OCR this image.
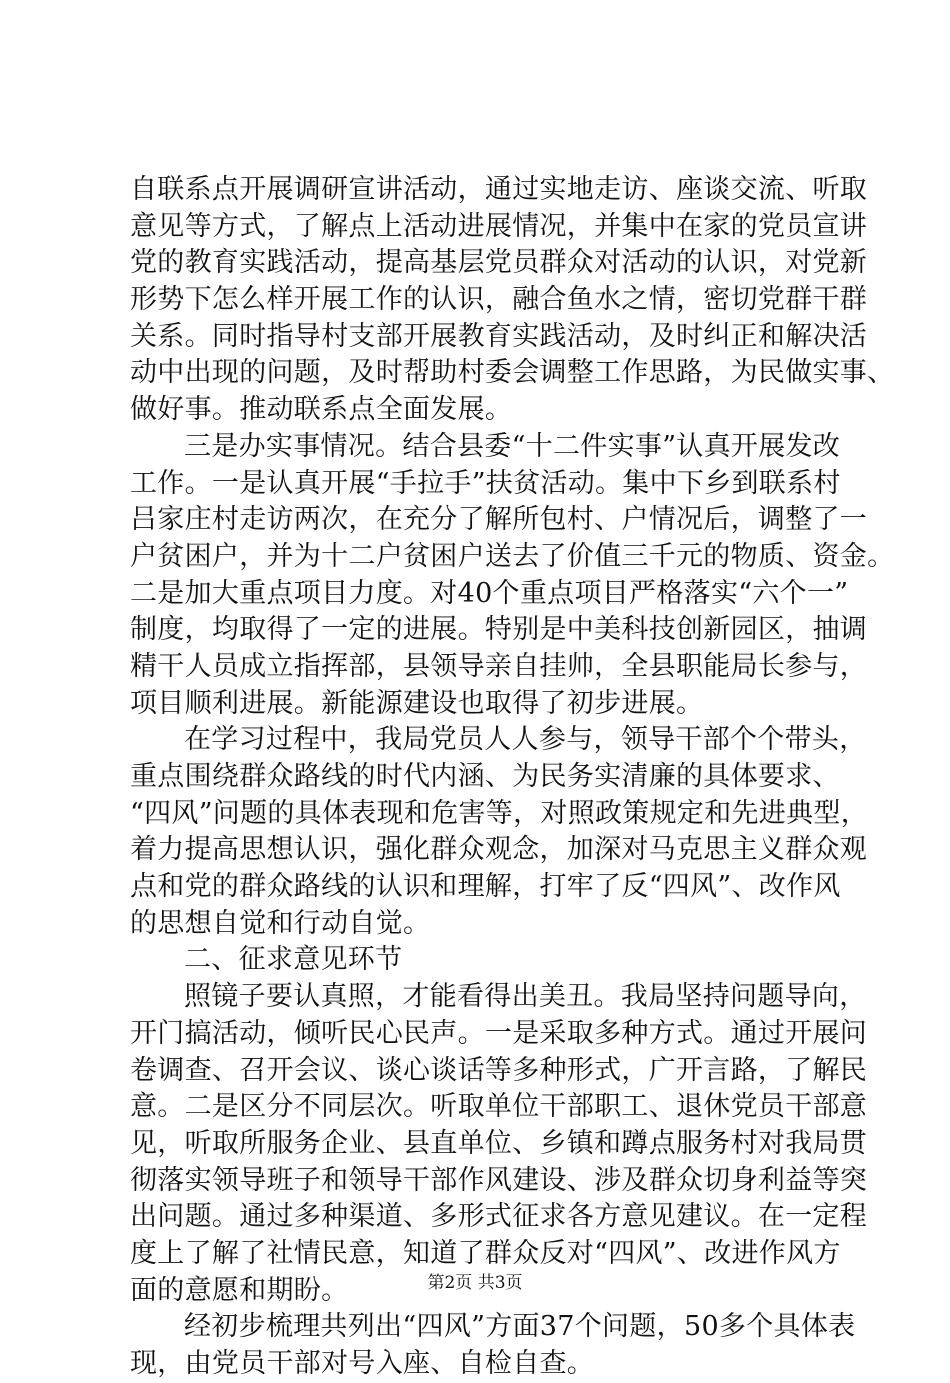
自联系点开展调研宣讲活动，通过实地走访、座谈交流、听取
意见等方式，了解点上活动进展情况，并集中在家的党员宣讲
党的教育实践活动，提高基层党员群众对活动的认识，对党新
形势下怎么样开展工作的认识，融合鱼水之情，密切党群干群
关系。同时指导村支部开展教育实践活动，及时纠正和解决活
动中出现的问题，及时帮助村委会调整工作思路，为民做实事、
做好事。推动联系点全面发展。
三是办实事情况。结合县委“十二件实事”认真开展发改
工作。一是认真开展“手拉手”扶贫活动。集中下乡到联系村
吕家庄村走访两次，在充分了解所包村、户情况后，调整了一
户贫困户，并为十二户贫困户送去了价值三千元的物质、资金。
二是加大重点项目力度。对40个重点项目严格落实“六个一”
制度，均取得了一定的进展。特别是中美科技创新园区，抽调
精干人员成立指挥部，县领导亲自挂帅，全县职能局长参与，
项目顺利进展。新能源建设也取得了初步进展。
在学习过程中，我局党员人人参与，领导干部个个带头，
重点围绕群众路线的时代内涵、为民务实清廉的具体要求、
“四风”问题的具体表现和危害等，对照政策规定和先进典型，
着力提高思想认识，强化群众观念，加深对马克思主义群众观
点和党的群众路线的认识和理解，打牢了反“四风”、改作风
的思想自觉和行动自觉。
二、征求意见环节
照镜子要认真照，才能看得出美丑。我局坚持问题导向，
开门搞活动，倾听民心民声。一是采取多种方式。通过开展问
卷调查、召开会议、谈心谈话等多种形式，广开言路，了解民
意。二是区分不同层次。听取单位干部职工、退休党员干部意
见，听取所服务企业、县直单位、乡镇和蹲点服务村对我局贯
彻落实领导班子和领导干部作风建设、涉及群众切身利益等突
出问题。通过多种渠道、多形式征求各方意见建议。在一定程
度上了解了社情民意，知道了群众反对“四风”、改进作风方
面的意愿和期盼。
经初步梳理共列出“四风”方面37个问题，50多个具体表
现，由党员干部对号入座、自检自查。
第2页 共3页
